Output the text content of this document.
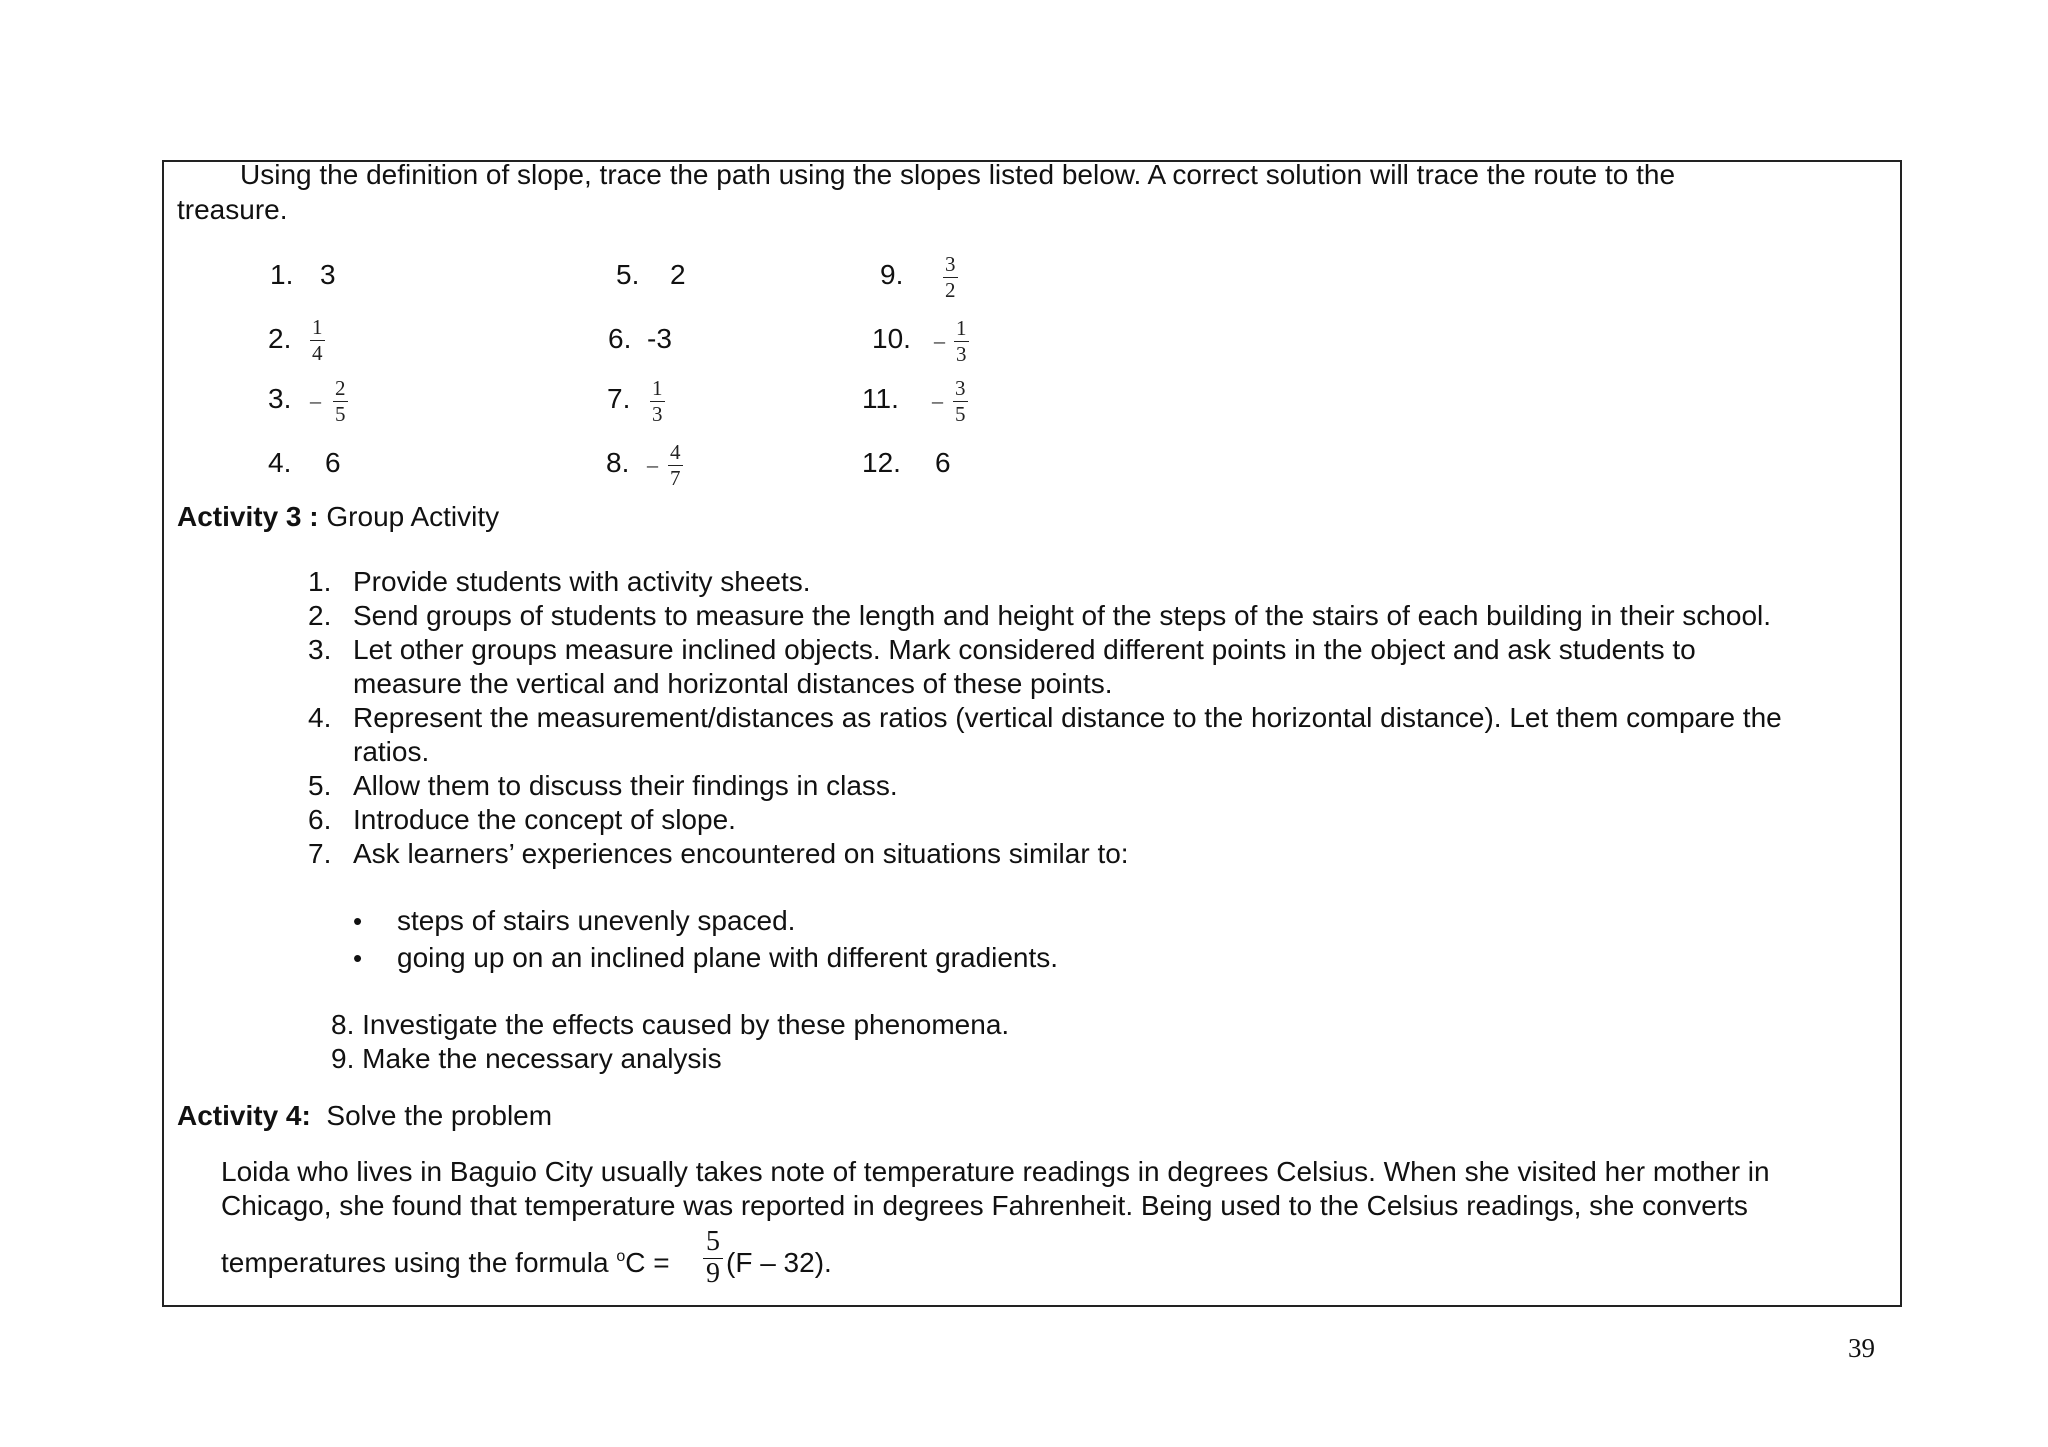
Using the definition of slope, trace the path using the slopes listed below. A correct solution will trace the route to the
treasure.
1. 3
2. $\frac{1}{4}$
3. – $\frac{2}{5}$
4. 6
5. 2
6. -3
7. $\frac{1}{3}$
8. – $\frac{4}{7}$
9. $\frac{3}{2}$
10. – $\frac{1}{3}$
11. – $\frac{3}{5}$
12. 6
Activity 3 : Group Activity
1. Provide students with activity sheets.
2. Send groups of students to measure the length and height of the steps of the stairs of each building in their school.
3. Let other groups measure inclined objects. Mark considered different points in the object and ask students to
measure the vertical and horizontal distances of these points.
4. Represent the measurement/distances as ratios (vertical distance to the horizontal distance). Let them compare the
ratios.
5. Allow them to discuss their findings in class.
6. Introduce the concept of slope.
7. Ask learners’ experiences encountered on situations similar to:
• steps of stairs unevenly spaced.
• going up on an inclined plane with different gradients.
8. Investigate the effects caused by these phenomena.
9. Make the necessary analysis
Activity 4: Solve the problem
Loida who lives in Baguio City usually takes note of temperature readings in degrees Celsius. When she visited her mother in
Chicago, she found that temperature was reported in degrees Fahrenheit. Being used to the Celsius readings, she converts
temperatures using the formula $^oC = \frac{5}{9} (F - 32)$.
39
